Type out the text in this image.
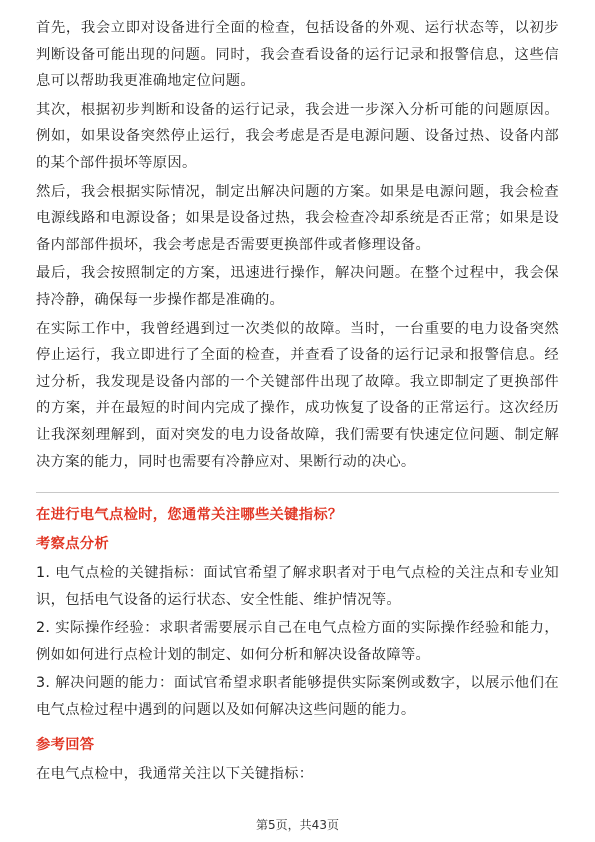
首先，我会立即对设备进行全面的检查，包括设备的外观、运行状态等，以初步判断设备可能出现的问题。同时，我会查看设备的运行记录和报警信息，这些信息可以帮助我更准确地定位问题。

其次，根据初步判断和设备的运行记录，我会进一步深入分析可能的问题原因。例如，如果设备突然停止运行，我会考虑是否是电源问题、设备过热、设备内部的某个部件损坏等原因。

然后，我会根据实际情况，制定出解决问题的方案。如果是电源问题，我会检查电源线路和电源设备；如果是设备过热，我会检查冷却系统是否正常；如果是设备内部部件损坏，我会考虑是否需要更换部件或者修理设备。

最后，我会按照制定的方案，迅速进行操作，解决问题。在整个过程中，我会保持冷静，确保每一步操作都是准确的。

在实际工作中，我曾经遇到过一次类似的故障。当时，一台重要的电力设备突然停止运行，我立即进行了全面的检查，并查看了设备的运行记录和报警信息。经过分析，我发现是设备内部的一个关键部件出现了故障。我立即制定了更换部件的方案，并在最短的时间内完成了操作，成功恢复了设备的正常运行。这次经历让我深刻理解到，面对突发的电力设备故障，我们需要有快速定位问题、制定解决方案的能力，同时也需要有冷静应对、果断行动的决心。

在进行电气点检时，您通常关注哪些关键指标？
考察点分析

1. 电气点检的关键指标：面试官希望了解求职者对于电气点检的关注点和专业知识，包括电气设备的运行状态、安全性能、维护情况等。

2. 实际操作经验：求职者需要展示自己在电气点检方面的实际操作经验和能力，例如如何进行点检计划的制定、如何分析和解决设备故障等。

3. 解决问题的能力：面试官希望求职者能够提供实际案例或数字，以展示他们在电气点检过程中遇到的问题以及如何解决这些问题的能力。

参考回答

在电气点检中，我通常关注以下关键指标：

第5页，共43页
